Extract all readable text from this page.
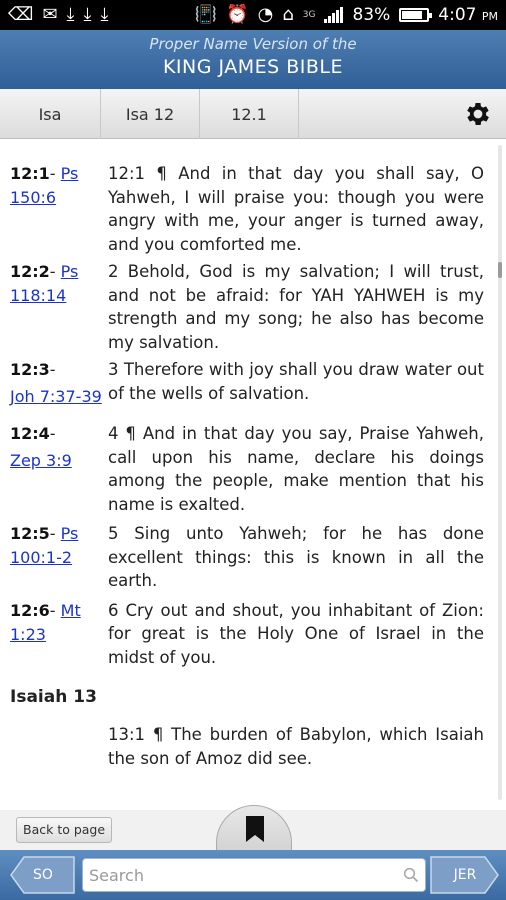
⌫ ✉ ⤓ ⤓ ⤓	📳 ⏰ ◔ ⌂ 3G 83%	4:07 PM
Proper Name Version of the
KING JAMES BIBLE
Isa	Isa 12	12.1
12:1- Ps 150:6
12:1 ¶ And in that day you shall say, O Yahweh, I will praise you: though you were angry with me, your anger is turned away, and you comforted me.
12:2- Ps 118:14
2 Behold, God is my salvation; I will trust, and not be afraid: for YAH YAHWEH is my strength and my song; he also has become my salvation.
12:3-
Joh 7:37-39
3 Therefore with joy shall you draw water out of the wells of salvation.
12:4-
Zep 3:9
4 ¶ And in that day you say, Praise Yahweh, call upon his name, declare his doings among the people, make mention that his name is exalted.
12:5- Ps 100:1-2
5 Sing unto Yahweh; for he has done excellent things: this is known in all the earth.
12:6- Mt 1:23
6 Cry out and shout, you inhabitant of Zion: for great is the Holy One of Israel in the midst of you.
Isaiah 13
13:1 ¶ The burden of Babylon, which Isaiah the son of Amoz did see.
Back to page
SO
Search	JER
